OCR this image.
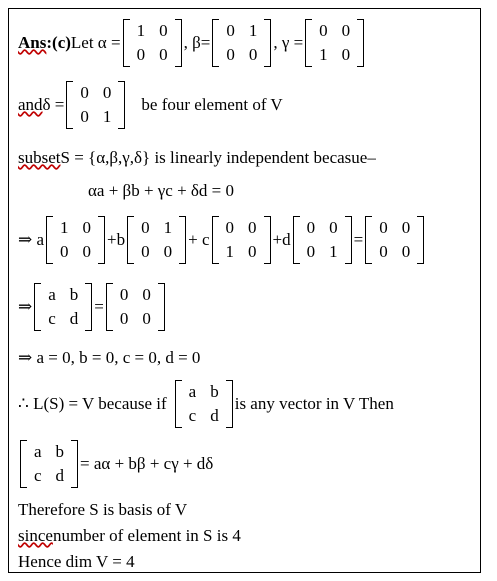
Ans : (c) Let α =
1	0
0	0
, β=
0	1
0	0
, γ =
0	0
1	0
and δ =
0	0
0	1
be four element of V
subset S = {α,β,γ,δ} is linearly independent becasue–
αa + βb + γc + δd = 0
⇒ a
1	0
0	0
+b
0	1
0	0
+ c
0	0
1	0
+d
0	0
0	1
=
0	0
0	0
⇒
a	b
c	d
=
0	0
0	0
⇒ a = 0, b = 0, c = 0, d = 0
∴ L(S) = V because if
a	b
c	d
is any vector in V Then
a	b
c	d
= aα + bβ + cγ + dδ
Therefore S is basis of V
since number of element in S is 4
Hence dim V = 4
